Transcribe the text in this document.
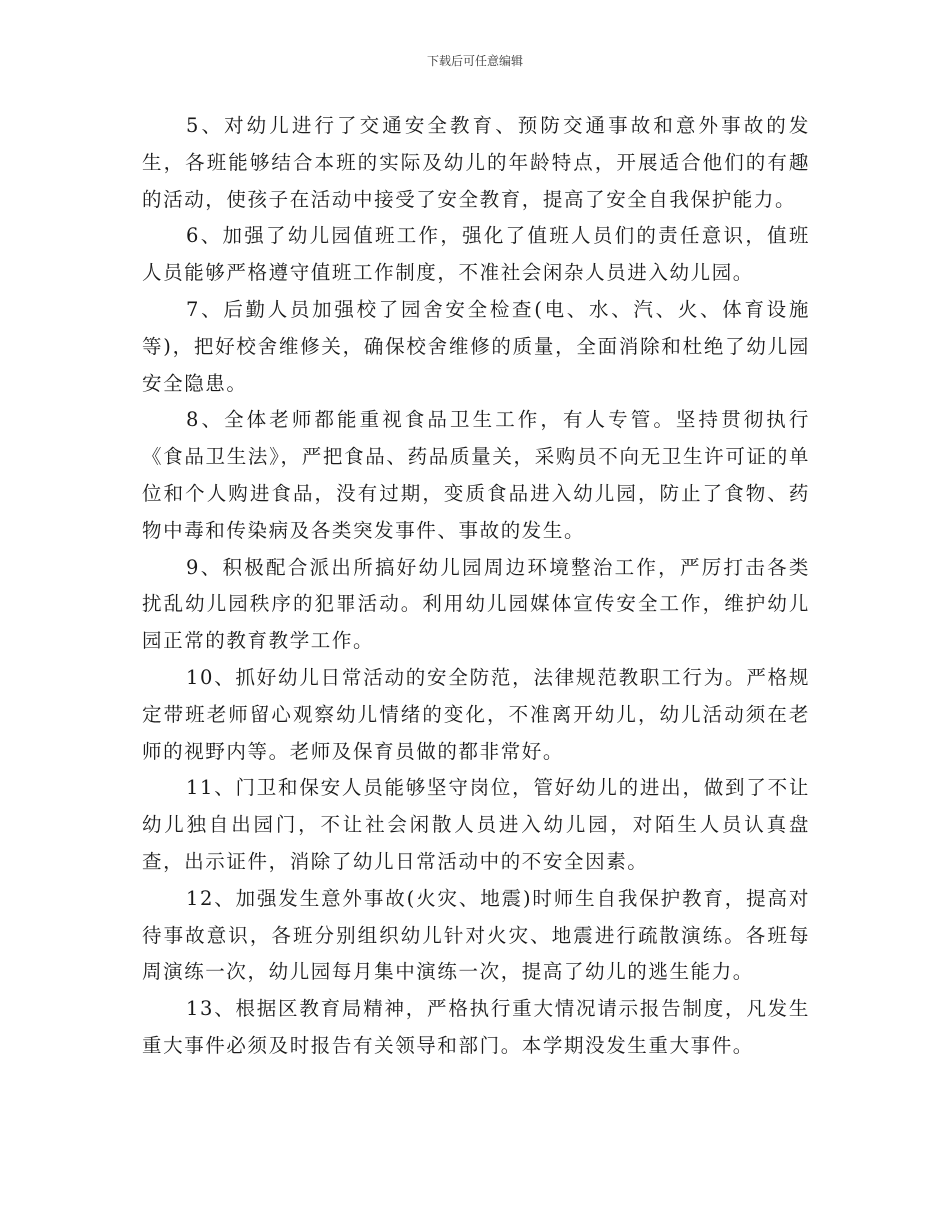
下载后可任意编辑

5、对幼儿进行了交通安全教育、预防交通事故和意外事故的发生，各班能够结合本班的实际及幼儿的年龄特点，开展适合他们的有趣的活动，使孩子在活动中接受了安全教育，提高了安全自我保护能力。

6、加强了幼儿园值班工作，强化了值班人员们的责任意识，值班人员能够严格遵守值班工作制度，不准社会闲杂人员进入幼儿园。

7、后勤人员加强校了园舍安全检查(电、水、汽、火、体育设施等)，把好校舍维修关，确保校舍维修的质量，全面消除和杜绝了幼儿园安全隐患。

8、全体老师都能重视食品卫生工作，有人专管。坚持贯彻执行《食品卫生法》，严把食品、药品质量关，采购员不向无卫生许可证的单位和个人购进食品，没有过期，变质食品进入幼儿园，防止了食物、药物中毒和传染病及各类突发事件、事故的发生。

9、积极配合派出所搞好幼儿园周边环境整治工作，严厉打击各类扰乱幼儿园秩序的犯罪活动。利用幼儿园媒体宣传安全工作，维护幼儿园正常的教育教学工作。

10、抓好幼儿日常活动的安全防范，法律规范教职工行为。严格规定带班老师留心观察幼儿情绪的变化，不准离开幼儿，幼儿活动须在老师的视野内等。老师及保育员做的都非常好。

11、门卫和保安人员能够坚守岗位，管好幼儿的进出，做到了不让幼儿独自出园门，不让社会闲散人员进入幼儿园，对陌生人员认真盘查，出示证件，消除了幼儿日常活动中的不安全因素。

12、加强发生意外事故(火灾、地震)时师生自我保护教育，提高对待事故意识，各班分别组织幼儿针对火灾、地震进行疏散演练。各班每周演练一次，幼儿园每月集中演练一次，提高了幼儿的逃生能力。

13、根据区教育局精神，严格执行重大情况请示报告制度，凡发生重大事件必须及时报告有关领导和部门。本学期没发生重大事件。
